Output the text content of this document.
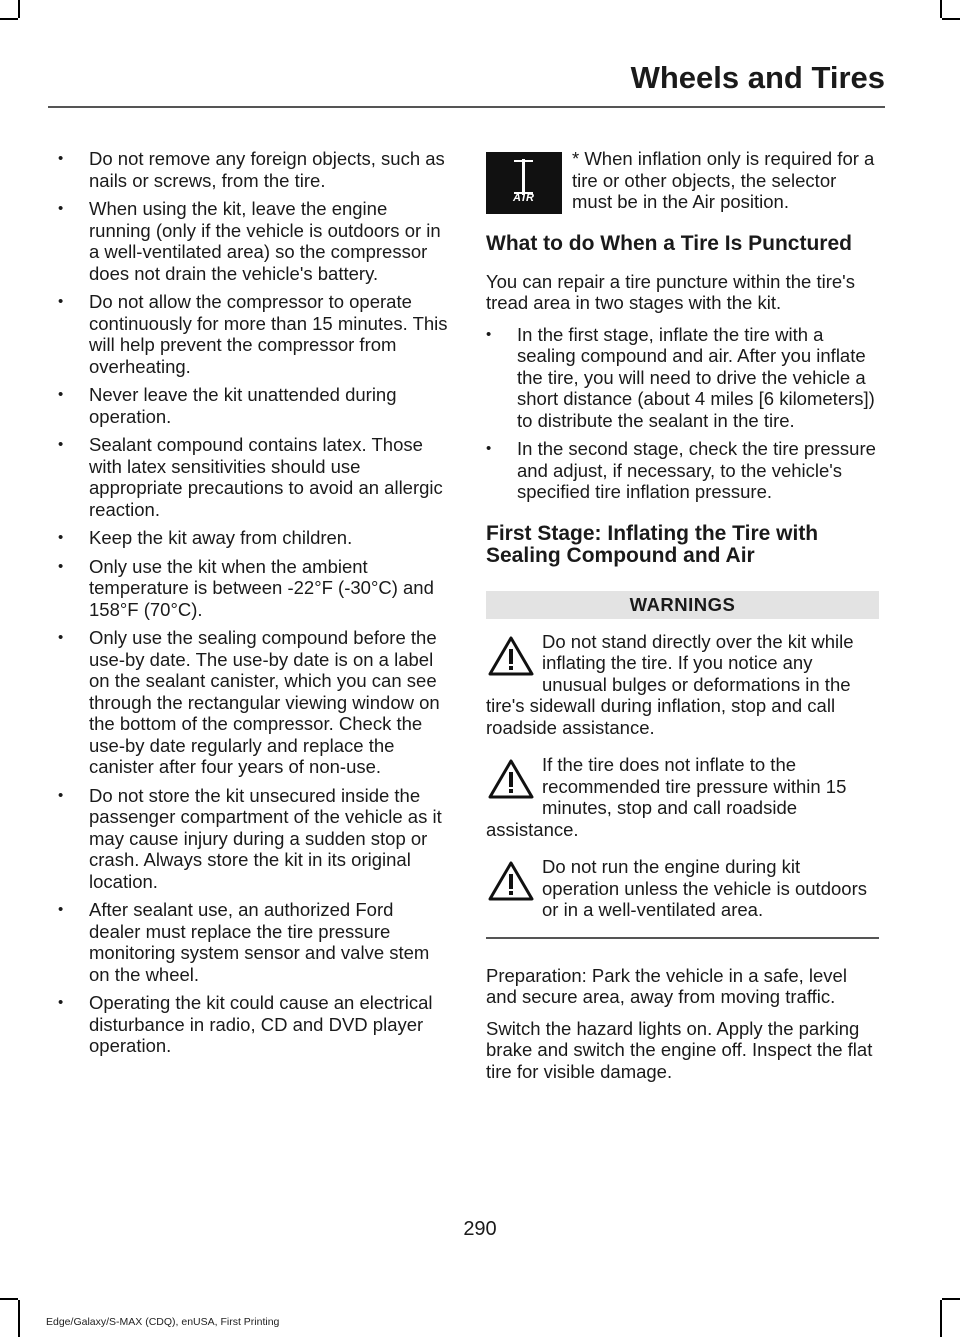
Wheels and Tires
• Do not remove any foreign objects, such as nails or screws, from the tire.
• When using the kit, leave the engine running (only if the vehicle is outdoors or in a well-ventilated area) so the compressor does not drain the vehicle's battery.
• Do not allow the compressor to operate continuously for more than 15 minutes. This will help prevent the compressor from overheating.
• Never leave the kit unattended during operation.
• Sealant compound contains latex. Those with latex sensitivities should use appropriate precautions to avoid an allergic reaction.
• Keep the kit away from children.
• Only use the kit when the ambient temperature is between -22°F (-30°C) and 158°F (70°C).
• Only use the sealing compound before the use-by date. The use-by date is on a label on the sealant canister, which you can see through the rectangular viewing window on the bottom of the compressor. Check the use-by date regularly and replace the canister after four years of non-use.
• Do not store the kit unsecured inside the passenger compartment of the vehicle as it may cause injury during a sudden stop or crash. Always store the kit in its original location.
• After sealant use, an authorized Ford dealer must replace the tire pressure monitoring system sensor and valve stem on the wheel.
• Operating the kit could cause an electrical disturbance in radio, CD and DVD player operation.

AIR
* When inflation only is required for a tire or other objects, the selector must be in the Air position.

What to do When a Tire Is Punctured

You can repair a tire puncture within the tire's tread area in two stages with the kit.

• In the first stage, inflate the tire with a sealing compound and air. After you inflate the tire, you will need to drive the vehicle a short distance (about 4 miles [6 kilometers]) to distribute the sealant in the tire.
• In the second stage, check the tire pressure and adjust, if necessary, to the vehicle's specified tire inflation pressure.
First Stage: Inflating the Tire with Sealing Compound and Air
WARNINGS
Do not stand directly over the kit while inflating the tire. If you notice any unusual bulges or deformations in the tire's sidewall during inflation, stop and call roadside assistance.
If the tire does not inflate to the recommended tire pressure within 15 minutes, stop and call roadside assistance.
Do not run the engine during kit operation unless the vehicle is outdoors or in a well-ventilated area.

Preparation: Park the vehicle in a safe, level and secure area, away from moving traffic.

Switch the hazard lights on. Apply the parking brake and switch the engine off. Inspect the flat tire for visible damage.

290
Edge/Galaxy/S-MAX (CDQ), enUSA, First Printing
